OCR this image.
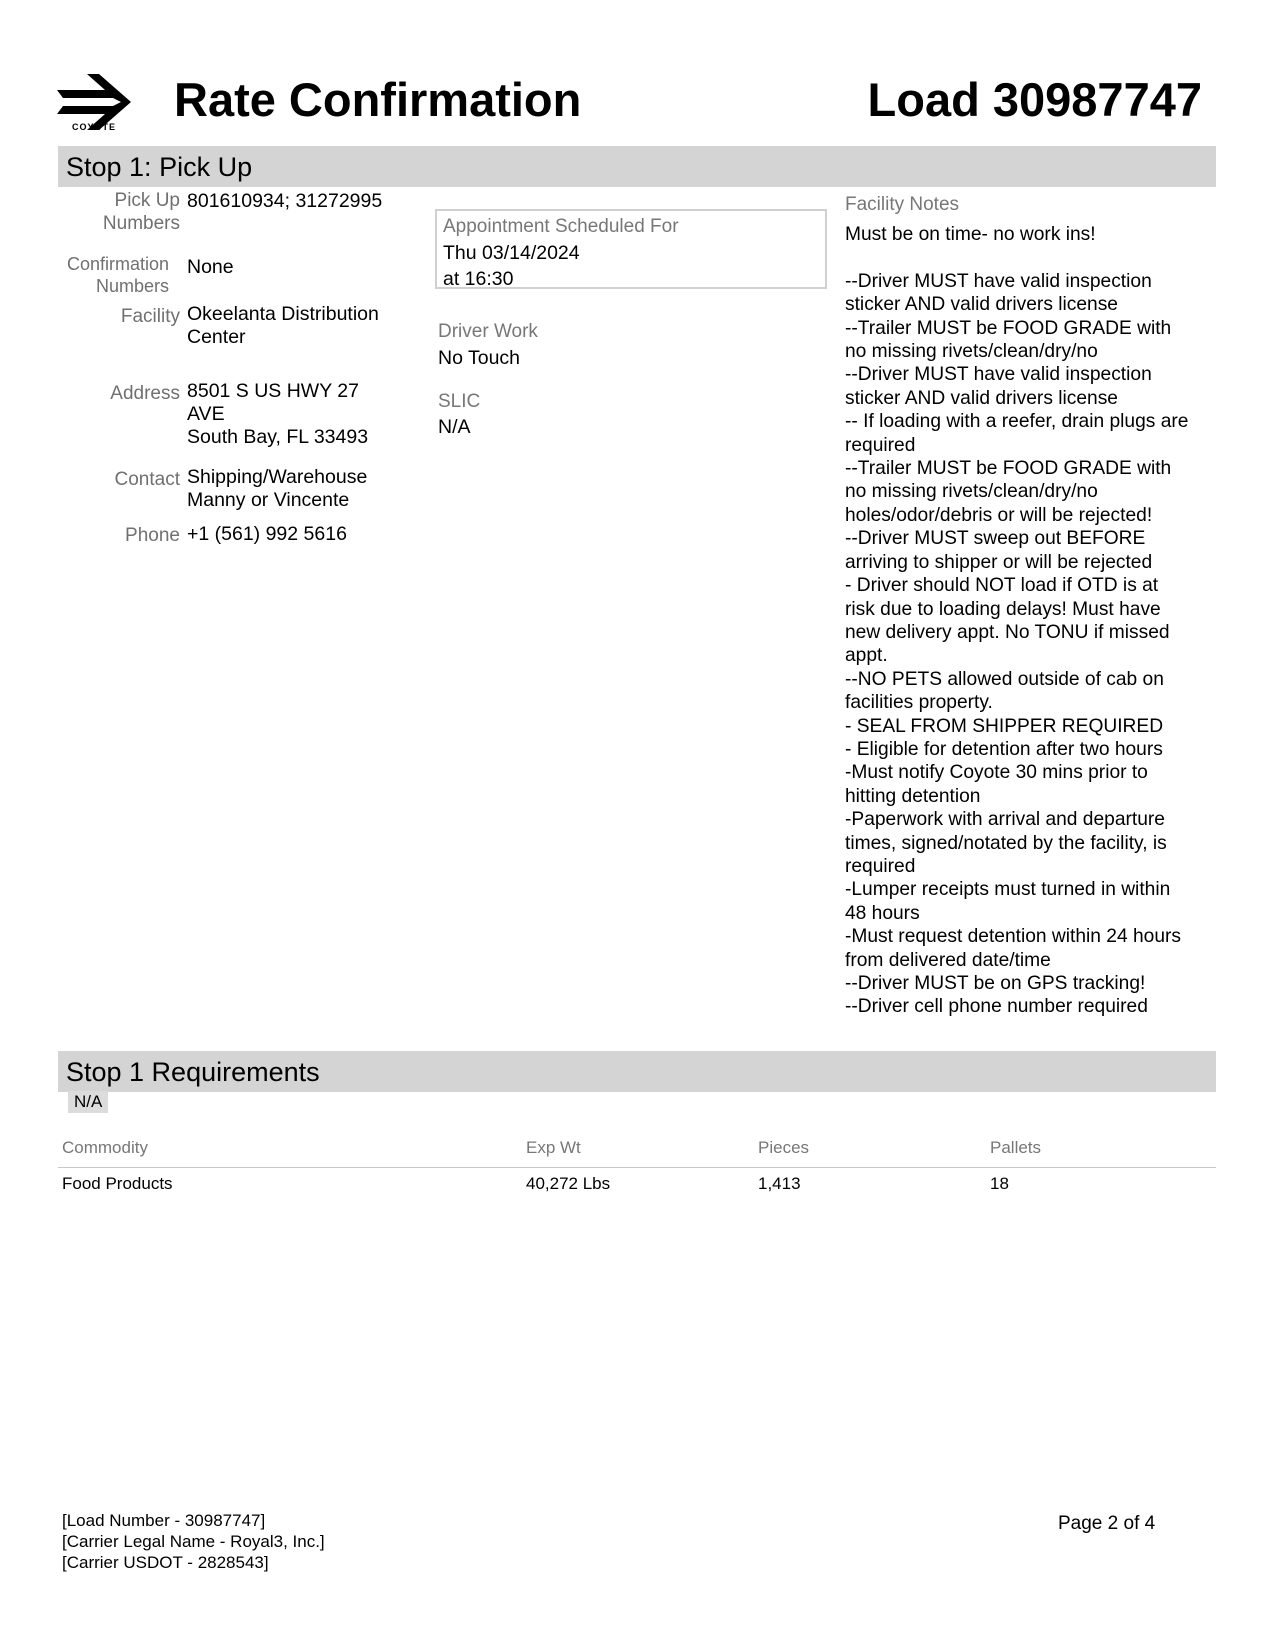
COYOTE
Rate Confirmation	Load 30987747
Stop 1: Pick Up
Pick Up
Numbers
801610934; 31272995
Confirmation
Numbers
None
Facility Okeelanta Distribution
Center
Address 8501 S US HWY 27
AVE
South Bay, FL 33493
Contact Shipping/Warehouse
Manny or Vincente
Phone +1 (561) 992 5616
Appointment Scheduled For
Thu 03/14/2024
at 16:30
Driver Work
No Touch
SLIC
N/A
Facility Notes
Must be on time- no work ins!

--Driver MUST have valid inspection
sticker AND valid drivers license
--Trailer MUST be FOOD GRADE with
no missing rivets/clean/dry/no
--Driver MUST have valid inspection
sticker AND valid drivers license
-- If loading with a reefer, drain plugs are
required
--Trailer MUST be FOOD GRADE with
no missing rivets/clean/dry/no
holes/odor/debris or will be rejected!
--Driver MUST sweep out BEFORE
arriving to shipper or will be rejected
- Driver should NOT load if OTD is at
risk due to loading delays! Must have
new delivery appt. No TONU if missed
appt.
--NO PETS allowed outside of cab on
facilities property.
- SEAL FROM SHIPPER REQUIRED
- Eligible for detention after two hours
-Must notify Coyote 30 mins prior to
hitting detention
-Paperwork with arrival and departure
times, signed/notated by the facility, is
required
-Lumper receipts must turned in within
48 hours
-Must request detention within 24 hours
from delivered date/time
--Driver MUST be on GPS tracking!
--Driver cell phone number required
Stop 1 Requirements
N/A
Commodity	Exp Wt	Pieces	Pallets
Food Products	40,272 Lbs	1,413	18
[Load Number - 30987747]
[Carrier Legal Name - Royal3, Inc.]
[Carrier USDOT - 2828543]
Page 2 of 4
